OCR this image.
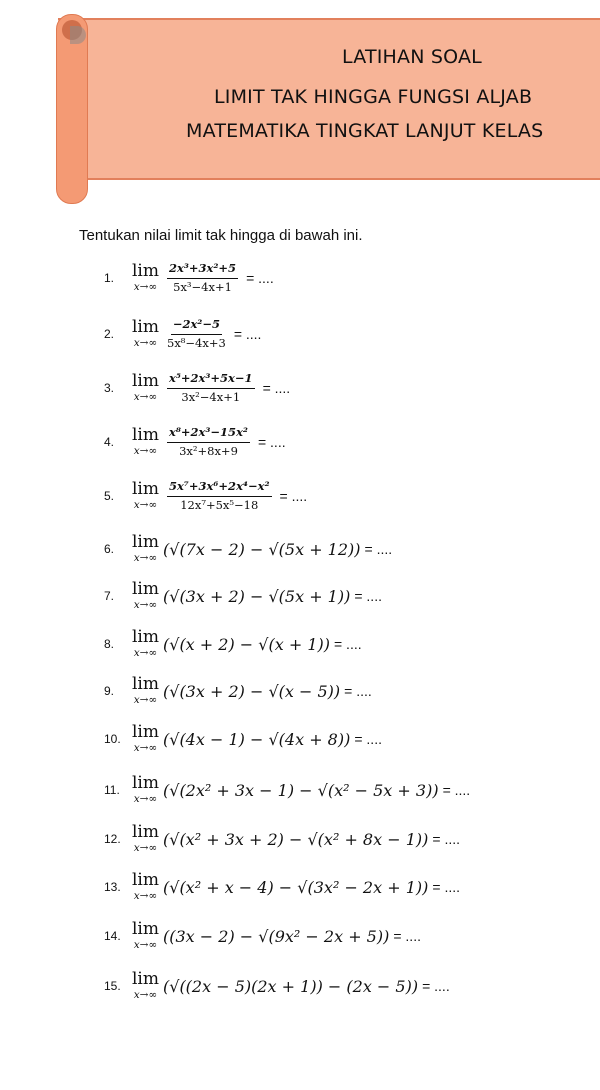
LATIHAN SOAL
LIMIT TAK HINGGA FUNGSI ALJAB
MATEMATIKA TINGKAT LANJUT KELAS
Tentukan nilai limit tak hingga di bawah ini.
1.	lim
$x\to\infty \frac{\text{2x³+3x²+5}}{\text{5x³−4x+1}}$ = ....
2.	lim
$x\to\infty \frac{\text{−2x²−5}}{\text{5x⁸−4x+3}}$ = ....
3.	lim
$x\to\infty \frac{\text{x⁵+2x³+5x−1}}{\text{3x²−4x+1}}$ = ....
4.	lim
$x\to\infty \frac{\text{x⁸+2x³−15x²}}{\text{3x²+8x+9}}$ = ....
5.	lim
$x\to\infty \frac{\text{5x⁷+3x⁶+2x⁴−x²}}{\text{12x⁷+5x⁵−18}}$ = ....
6.	lim
x→∞ (√(7x − 2) − √(5x + 12)) = ....
7.	lim
x→∞ (√(3x + 2) − √(5x + 1)) = ....
8.	lim
x→∞ (√(x + 2) − √(x + 1)) = ....
9.	lim
x→∞ (√(3x + 2) − √(x − 5)) = ....
10. lim
x→∞ (√(4x − 1) − √(4x + 8)) = ....
11. lim
x→∞ (√(2x² + 3x − 1) − √(x² − 5x + 3)) = ....
12. lim
x→∞ (√(x² + 3x + 2) − √(x² + 8x − 1)) = ....
13. lim
x→∞ (√(x² + x − 4) − √(3x² − 2x + 1)) = ....
14. lim
x→∞ ((3x − 2) − √(9x² − 2x + 5)) = ....
15. lim
x→∞ (√((2x − 5)(2x + 1)) − (2x − 5)) = ....
